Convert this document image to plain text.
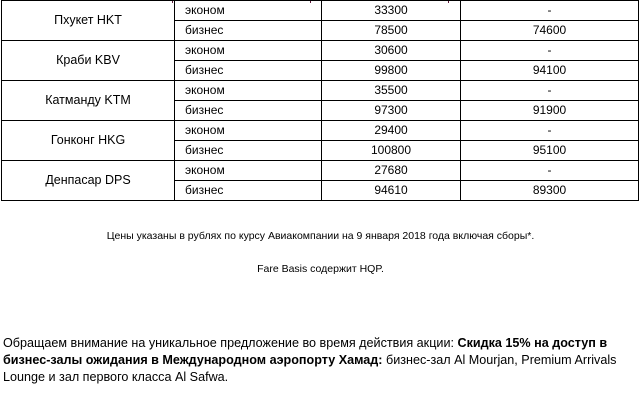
Пхукет HKT	эконом	33300	-
	бизнес	78500	74600
Краби KBV	эконом	30600	-
	бизнес	99800	94100
Катманду KTM	эконом	35500	-
	бизнес	97300	91900
Гонконг HKG	эконом	29400	-
	бизнес	100800	95100
Денпасар DPS	эконом	27680	-
	бизнес	94610	89300
Цены указаны в рублях по курсу Авиакомпании на 9 января 2018 года включая сборы*.
Fare Basis содержит HQP.
Обращаем внимание на уникальное предложение во время действия акции: Скидка 15% на доступ в бизнес-залы ожидания в Международном аэропорту Хамад: бизнес-зал Al Mourjan, Premium Arrivals Lounge и зал первого класса Al Safwa.
